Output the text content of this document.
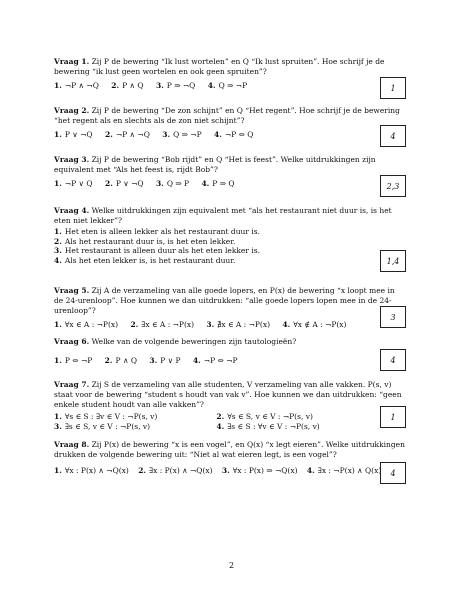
Vraag 1. Zij P de bewering “Ik lust wortelen” en Q “Ik lust spruiten”. Hoe schrijf je de bewering “ik lust geen wortelen en ook geen spruiten”?

1. ¬P ∧ ¬Q 2. P ∧ Q 3. P ⇒ ¬Q 4. Q ⇒ ¬P	1

Vraag 2. Zij P de bewering “De zon schijnt” en Q “Het regent”. Hoe schrijf je de bewering “het regent als en slechts als de zon niet schijnt”?

1. P ∨ ¬Q 2. ¬P ∧ ¬Q 3. Q ⇒ ¬P 4. ¬P ⇔ Q	4

Vraag 3. Zij P de bewering “Bob rijdt” en Q “Het is feest”. Welke uitdrukkingen zijn equivalent met “Als het feest is, rijdt Bob”?

1. ¬P ∨ Q 2. P ∨ ¬Q 3. Q ⇒ P 4. P ⇒ Q	2,3

Vraag 4. Welke uitdrukkingen zijn equivalent met “als het restaurant niet duur is, is het eten niet lekker”?

1. Het eten is alleen lekker als het restaurant duur is.
2. Als het restaurant duur is, is het eten lekker.
3. Het restaurant is alleen duur als het eten lekker is.
4. Als het eten lekker is, is het restaurant duur.	1,4

Vraag 5. Zij A de verzameling van alle goede lopers, en P(x) de bewering “x loopt mee in de 24-urenloop”. Hoe kunnen we dan uitdrukken: “alle goede lopers lopen mee in de 24-urenloop”?

1. ∀x ∈ A : ¬P(x) 2. ∃x ∈ A : ¬P(x) 3. ∄x ∈ A : ¬P(x) 4. ∀x ∉ A : ¬P(x)
3

Vraag 6. Welke van de volgende beweringen zijn tautologieën?

1. P ⇔ ¬P 2. P ∧ Q 3. P ∨ P 4. ¬P ⇔ ¬P	4

Vraag 7. Zij S de verzameling van alle studenten, V verzameling van alle vakken. P(s, v) staat voor de bewering “student s houdt van vak v”. Hoe kunnen we dan uitdrukken: “geen enkele student houdt van alle vakken”?

1. ∀s ∈ S : ∃v ∈ V : ¬P(s, v)	2. ∀s ∈ S, v ∈ V : ¬P(s, v)
3. ∃s ∈ S, v ∈ V : ¬P(s, v)	4. ∃s ∈ S : ∀v ∈ V : ¬P(s, v)
1

Vraag 8. Zij P(x) de bewering “x is een vogel”, en Q(x) “x legt eieren”. Welke uitdrukkingen drukken de volgende bewering uit: “Niet al wat eieren legt, is een vogel”?

1. ∀x : P(x) ∧ ¬Q(x) 2. ∃x : P(x) ∧ ¬Q(x) 3. ∀x : P(x) ⇒ ¬Q(x) 4. ∃x : ¬P(x) ∧ Q(x)	4
2
